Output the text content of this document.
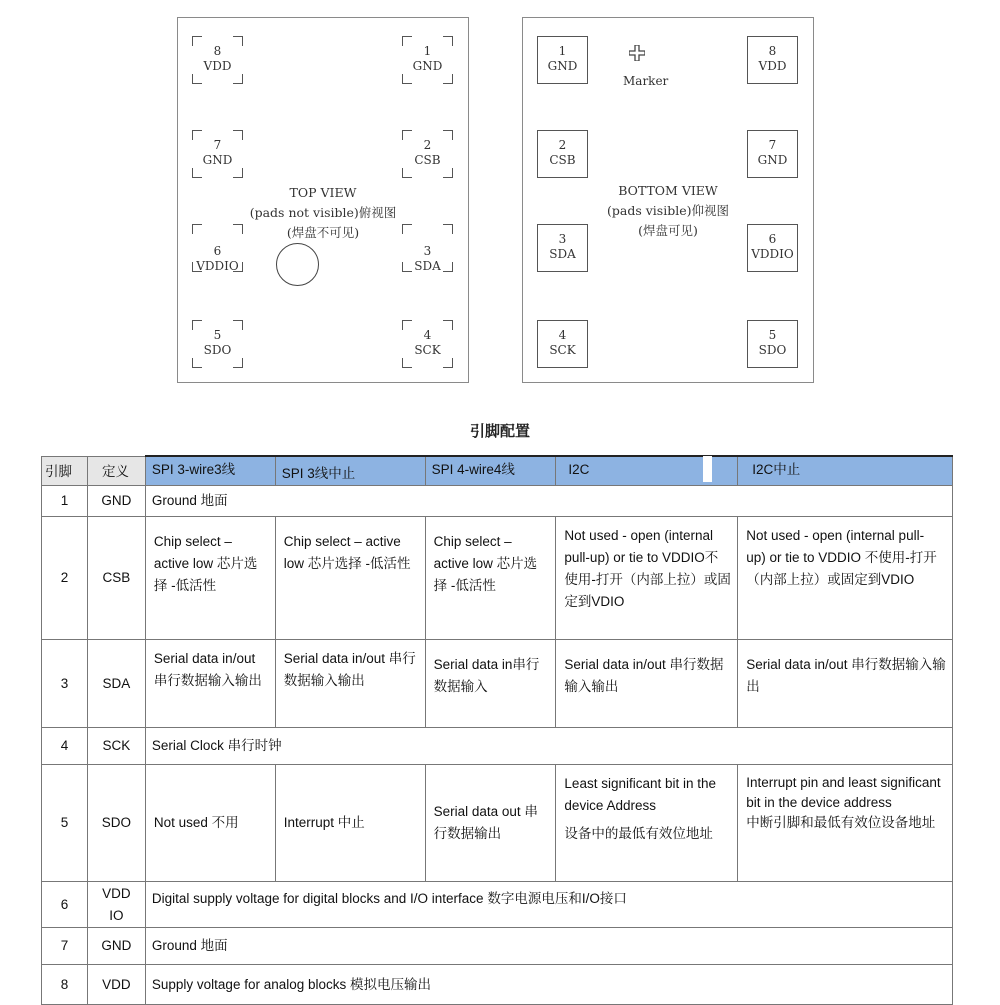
8
VDD
1
GND
7
GND
2
CSB
6
VDDIO
3
SDA
5
SDO
4
SCK
TOP VIEW
(pads not visible)俯视图
(焊盘不可见)
1
GND
8
VDD
2
CSB
7
GND
3
SDA
6
VDDIO
4
SCK
5
SDO
Marker
BOTTOM VIEW
(pads visible)仰视图
(焊盘可见)
引脚配置
引脚	定义	SPI 3-wire3线	SPI 3线中止	SPI 4-wire4线	I2C	I2C中止

1	GND	Ground 地面				

2	CSB	Chip select – active low 芯片选择 -低活性	Chip select – active low 芯片选择 -低活性	Chip select – active low 芯片选择 -低活性	Not used - open (internal pull-up) or tie to VDDIO不使用-打开（内部上拉）或固定到VDIO	Not used - open (internal pull- up) or tie to VDDIO 不使用-打开（内部上拉）或固定到VDIO

3	SDA	Serial data in/out 串行数据输入输出	Serial data in/out 串行数据输入输出	Serial data in串行数据输入	Serial data in/out 串行数据输入输出	Serial data in/out 串行数据输入输出

4	SCK	Serial Clock 串行时钟				

5	SDO	Not used 不用	Interrupt 中止	Serial data out 串行数据输出	Least significant bit in the device Address
设备中的最低有效位地址	Interrupt pin and least significant bit in the device address
中断引脚和最低有效位设备地址

6	VDDIO	Digital supply voltage for digital blocks and I/O interface 数字电源电压和I/O接口				

7	GND	Ground 地面				

8	VDD	Supply voltage for analog blocks 模拟电压输出				
